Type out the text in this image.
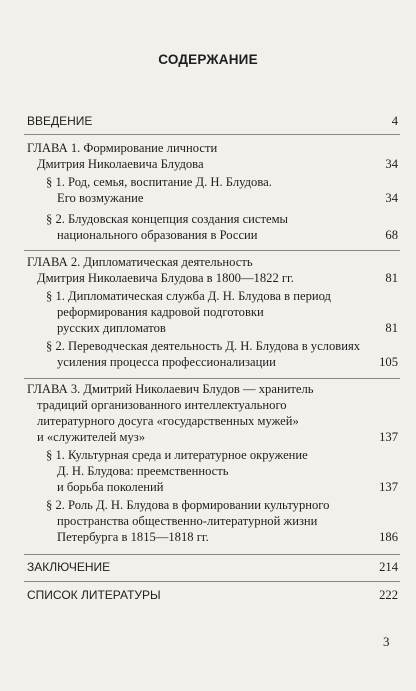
СОДЕРЖАНИЕ
ВВЕДЕНИЕ	4
ГЛАВА 1. Формирование личности
Дмитрия Николаевича Блудова	34
§ 1. Род, семья, воспитание Д. Н. Блудова.
Его возмужание	34
§ 2. Блудовская концепция создания системы
национального образования в России	68
ГЛАВА 2. Дипломатическая деятельность
Дмитрия Николаевича Блудова в 1800—1822 гг.	81
§ 1. Дипломатическая служба Д. Н. Блудова в период
реформирования кадровой подготовки
русских дипломатов	81
§ 2. Переводческая деятельность Д. Н. Блудова в условиях
усиления процесса профессионализации	105
ГЛАВА 3. Дмитрий Николаевич Блудов — хранитель
традиций организованного интеллектуального
литературного досуга «государственных мужей»
и «служителей муз»	137
§ 1. Культурная среда и литературное окружение
Д. Н. Блудова: преемственность
и борьба поколений	137
§ 2. Роль Д. Н. Блудова в формировании культурного
пространства общественно-литературной жизни
Петербурга в 1815—1818 гг.	186
ЗАКЛЮЧЕНИЕ	214
СПИСОК ЛИТЕРАТУРЫ	222
3
